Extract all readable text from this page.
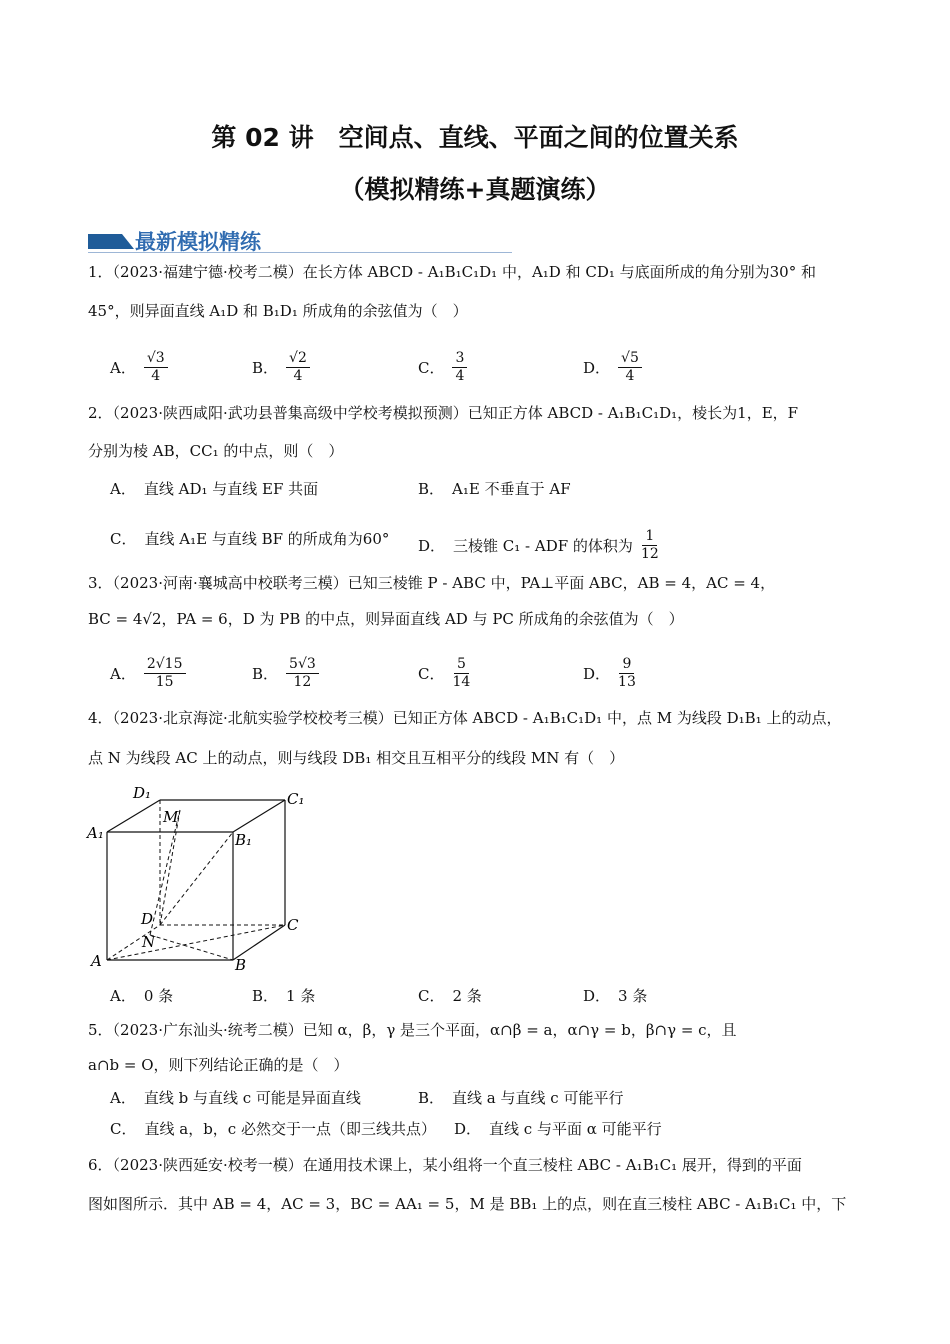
第 02 讲　空间点、直线、平面之间的位置关系
（模拟精练+真题演练）
最新模拟精练
1．（2023·福建宁德·校考二模）在长方体 ABCD - A₁B₁C₁D₁ 中，A₁D 和 CD₁ 与底面所成的角分别为30° 和
45°，则异面直线 A₁D 和 B₁D₁ 所成角的余弦值为（　）
2．（2023·陕西咸阳·武功县普集高级中学校考模拟预测）已知正方体 ABCD - A₁B₁C₁D₁，棱长为1，E，F
分别为棱 AB，CC₁ 的中点，则（　）
3．（2023·河南·襄城高中校联考三模）已知三棱锥 P - ABC 中，PA⊥平面 ABC，AB = 4，AC = 4，
BC = 4√2，PA = 6，D 为 PB 的中点，则异面直线 AD 与 PC 所成角的余弦值为（　）
4．（2023·北京海淀·北航实验学校校考三模）已知正方体 ABCD - A₁B₁C₁D₁ 中，点 M 为线段 D₁B₁ 上的动点，
点 N 为线段 AC 上的动点，则与线段 DB₁ 相交且互相平分的线段 MN 有（　）
D₁	C₁
A₁	B₁
M
D	C
N
A	B
5．（2023·广东汕头·统考二模）已知 α，β，γ 是三个平面，α∩β = a，α∩γ = b，β∩γ = c，且
a∩b = O，则下列结论正确的是（　）
6．（2023·陕西延安·校考一模）在通用技术课上，某小组将一个直三棱柱 ABC - A₁B₁C₁ 展开，得到的平面
图如图所示．其中 AB = 4，AC = 3，BC = AA₁ = 5，M 是 BB₁ 上的点，则在直三棱柱 ABC - A₁B₁C₁ 中，下
A． $\frac{√3}{4}$	B． $\frac{√2}{4}$	C． $\frac{3}{4}$	D． $\frac{√5}{4}$
A． 直线 AD₁ 与直线 EF 共面	B． A₁E 不垂直于 AF
C． 直线 A₁E 与直线 BF 的所成角为60° D． 三棱锥 C₁ - ADF 的体积为 $\frac{1}{12}$
A． $\frac{2√15}{15}$	B． $\frac{5√3}{12}$	C． $\frac{5}{14}$	D． $\frac{9}{13}$
A． 0 条	B． 1 条	C． 2 条	D． 3 条
A． 直线 b 与直线 c 可能是异面直线	B． 直线 a 与直线 c 可能平行
C． 直线 a，b，c 必然交于一点（即三线共点） D． 直线 c 与平面 α 可能平行
